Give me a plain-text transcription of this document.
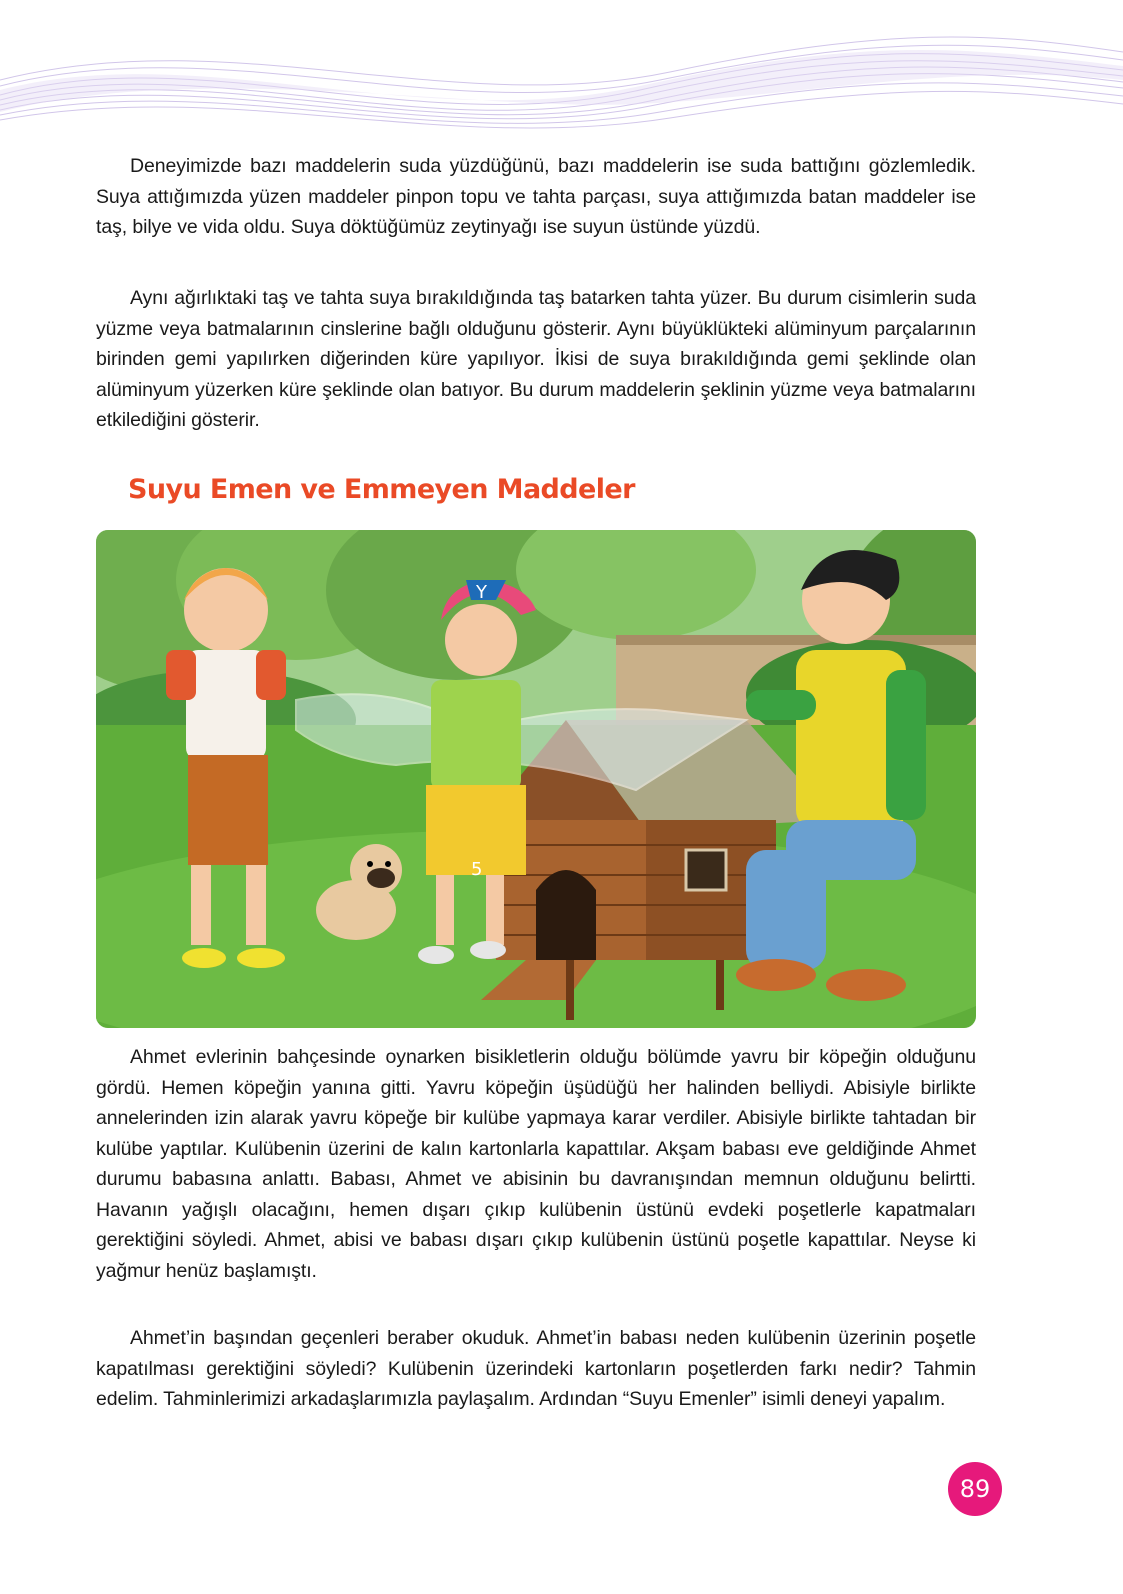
Deneyimizde bazı maddelerin suda yüzdüğünü, bazı maddelerin ise suda battığını gözlemledik. Suya attığımızda yüzen maddeler pinpon topu ve tahta parçası, suya attığımızda batan maddeler ise taş, bilye ve vida oldu. Suya döktüğümüz zeytinyağı ise suyun üstünde yüzdü.

Aynı ağırlıktaki taş ve tahta suya bırakıldığında taş batarken tahta yüzer. Bu durum cisimlerin suda yüzme veya batmalarının cinslerine bağlı olduğunu gösterir. Aynı büyüklükteki alüminyum parçalarının birinden gemi yapılırken diğerinden küre yapılıyor. İkisi de suya bırakıldığında gemi şeklinde olan alüminyum yüzerken küre şeklinde olan batıyor. Bu durum maddelerin şeklinin yüzme veya batmalarını etkilediğini gösterir.

Suyu Emen ve Emmeyen Maddeler
Y
5

Ahmet evlerinin bahçesinde oynarken bisikletlerin olduğu bölümde yavru bir köpeğin olduğunu gördü. Hemen köpeğin yanına gitti. Yavru köpeğin üşüdüğü her halinden belliydi. Abisiyle birlikte annelerinden izin alarak yavru köpeğe bir kulübe yapmaya karar verdiler. Abisiyle birlikte tahtadan bir kulübe yaptılar. Kulübenin üzerini de kalın kartonlarla kapattılar. Akşam babası eve geldiğinde Ahmet durumu babasına anlattı. Babası, Ahmet ve abisinin bu davranışından memnun olduğunu belirtti. Havanın yağışlı olacağını, hemen dışarı çıkıp kulübenin üstünü evdeki poşetlerle kapatmaları gerektiğini söyledi. Ahmet, abisi ve babası dışarı çıkıp kulübenin üstünü poşetle kapattılar. Neyse ki yağmur henüz başlamıştı.

Ahmet’in başından geçenleri beraber okuduk. Ahmet’in babası neden kulübenin üzerinin poşetle kapatılması gerektiğini söyledi? Kulübenin üzerindeki kartonların poşetlerden farkı nedir? Tahmin edelim. Tahminlerimizi arkadaşlarımızla paylaşalım. Ardından “Suyu Emenler” isimli deneyi yapalım.

89
